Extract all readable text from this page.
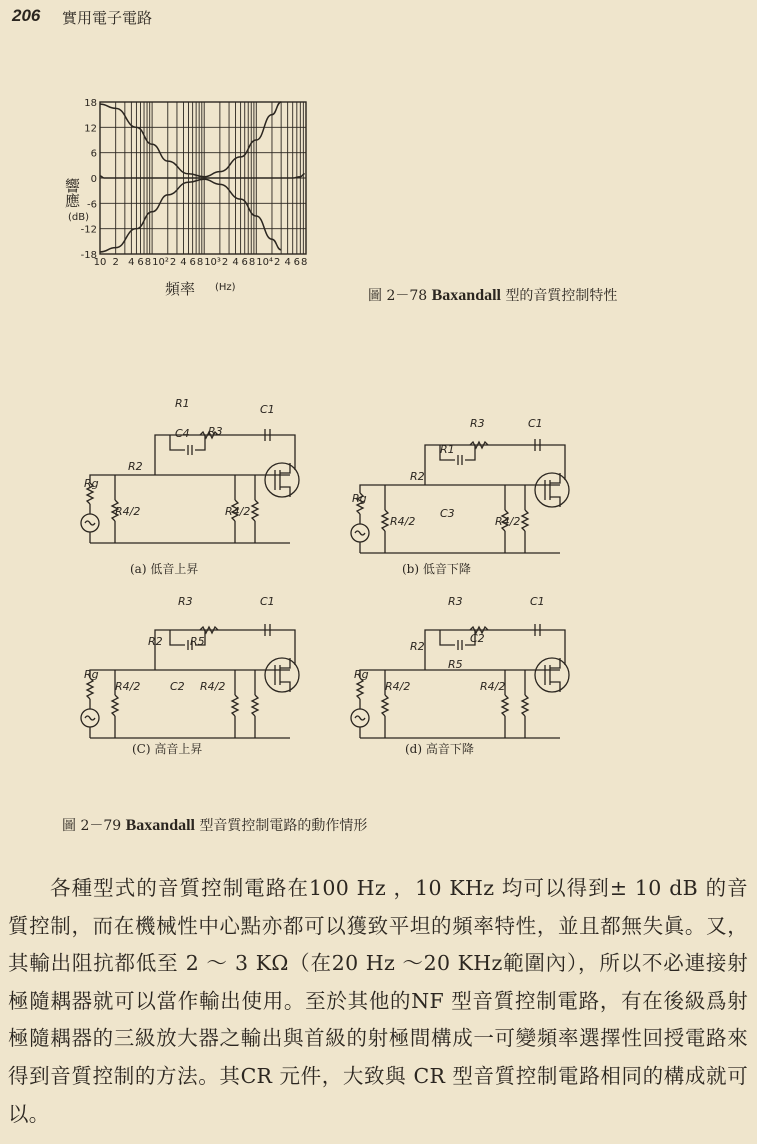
206 實用電子電路
18
12
6
0
-6
-12
-18
10 2 4 6 8 10² 2 4 6 8 10³ 2 4 6 8 10⁴ 2 4 6 8
響應
(dB)
頻率 (Hz)
圖 2－78 Baxandall 型的音質控制特性
R1
C4 R3
R2
C1
Rg
R4/2	R4/2
(a) 低音上昇
R3	C1
R1
R2
C3
Rg
R4/2	R4/2
(b) 低音下降
R3	C1
R2 R5
C2
Rg
R4/2	R4/2
(C) 高音上昇
R3	C1
C2
R2
R5
Rg
R4/2	R4/2
(d) 高音下降
圖 2－79 Baxandall 型音質控制電路的動作情形

各種型式的音質控制電路在100 Hz ，10 KHz 均可以得到± 10 dB 的音質控制，而在機械性中心點亦都可以獲致平坦的頻率特性，並且都無失眞。又，其輸出阻抗都低至 2 ～ 3 KΩ（在20 Hz ～20 KHz範圍內），所以不必連接射極隨耦器就可以當作輸出使用。至於其他的NF 型音質控制電路，有在後級爲射極隨耦器的三級放大器之輸出與首級的射極間構成一可變頻率選擇性回授電路來得到音質控制的方法。其CR 元件，大致與 CR 型音質控制電路相同的構成就可以。
